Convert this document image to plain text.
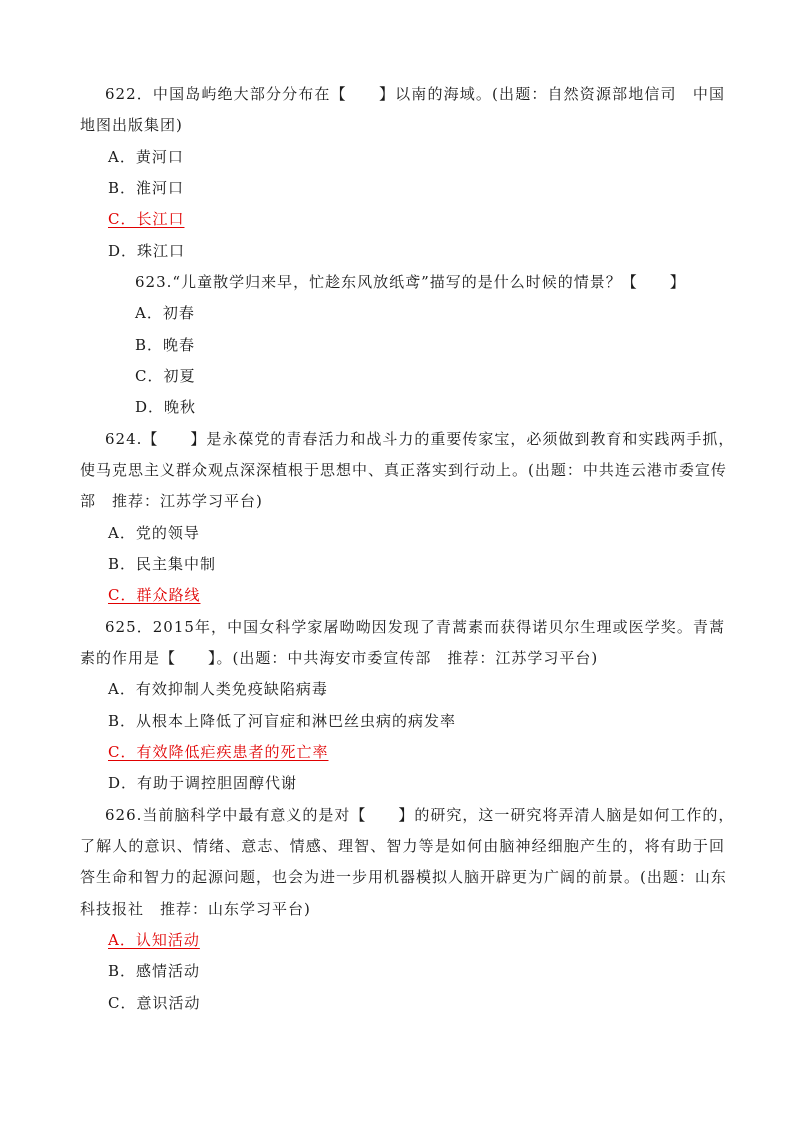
622．中国岛屿绝大部分分布在【　　】以南的海域。(出题：自然资源部地信司　中国
地图出版集团)
A．黄河口
B．淮河口
C．长江口
D．珠江口
623.“儿童散学归来早，忙趁东风放纸鸢”描写的是什么时候的情景？【　　】
A．初春
B．晚春
C．初夏
D．晚秋
624.【　　】是永葆党的青春活力和战斗力的重要传家宝，必须做到教育和实践两手抓，
使马克思主义群众观点深深植根于思想中、真正落实到行动上。(出题：中共连云港市委宣传
部　推荐：江苏学习平台)
A．党的领导
B．民主集中制
C．群众路线
625．2015年，中国女科学家屠呦呦因发现了青蒿素而获得诺贝尔生理或医学奖。青蒿
素的作用是【　　】。(出题：中共海安市委宣传部　推荐：江苏学习平台)
A．有效抑制人类免疫缺陷病毒
B．从根本上降低了河盲症和淋巴丝虫病的病发率
C．有效降低疟疾患者的死亡率
D．有助于调控胆固醇代谢
626.当前脑科学中最有意义的是对【　　】的研究，这一研究将弄清人脑是如何工作的，
了解人的意识、情绪、意志、情感、理智、智力等是如何由脑神经细胞产生的，将有助于回
答生命和智力的起源问题，也会为进一步用机器模拟人脑开辟更为广阔的前景。(出题：山东
科技报社　推荐：山东学习平台)
A．认知活动
B．感情活动
C．意识活动
